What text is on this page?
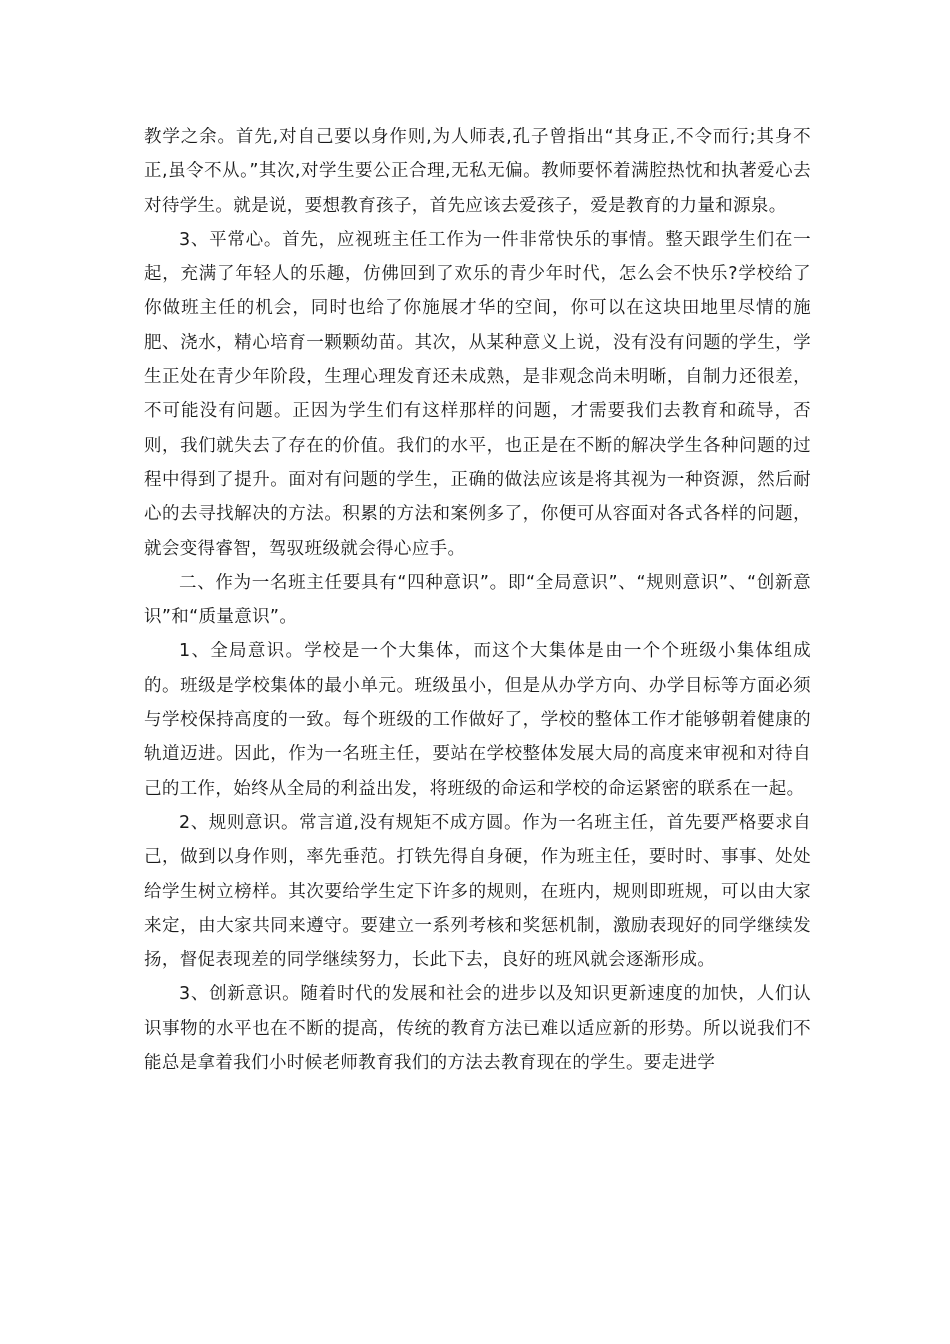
教学之余。首先,对自己要以身作则,为人师表,孔子曾指出“其身正,不令而行;其身不正,虽令不从。”其次,对学生要公正合理,无私无偏。教师要怀着满腔热忱和执著爱心去对待学生。就是说，要想教育孩子，首先应该去爱孩子，爱是教育的力量和源泉。

3、平常心。首先，应视班主任工作为一件非常快乐的事情。整天跟学生们在一起，充满了年轻人的乐趣，仿佛回到了欢乐的青少年时代，怎么会不快乐?学校给了你做班主任的机会，同时也给了你施展才华的空间，你可以在这块田地里尽情的施肥、浇水，精心培育一颗颗幼苗。其次，从某种意义上说，没有没有问题的学生，学生正处在青少年阶段，生理心理发育还未成熟，是非观念尚未明晰，自制力还很差，不可能没有问题。正因为学生们有这样那样的问题，才需要我们去教育和疏导，否则，我们就失去了存在的价值。我们的水平，也正是在不断的解决学生各种问题的过程中得到了提升。面对有问题的学生，正确的做法应该是将其视为一种资源，然后耐心的去寻找解决的方法。积累的方法和案例多了，你便可从容面对各式各样的问题，就会变得睿智，驾驭班级就会得心应手。

二、作为一名班主任要具有“四种意识”。即“全局意识”、“规则意识”、“创新意识”和“质量意识”。

1、全局意识。学校是一个大集体，而这个大集体是由一个个班级小集体组成的。班级是学校集体的最小单元。班级虽小，但是从办学方向、办学目标等方面必须与学校保持高度的一致。每个班级的工作做好了，学校的整体工作才能够朝着健康的轨道迈进。因此，作为一名班主任，要站在学校整体发展大局的高度来审视和对待自己的工作，始终从全局的利益出发，将班级的命运和学校的命运紧密的联系在一起。

2、规则意识。常言道,没有规矩不成方圆。作为一名班主任，首先要严格要求自己，做到以身作则，率先垂范。打铁先得自身硬，作为班主任，要时时、事事、处处给学生树立榜样。其次要给学生定下许多的规则，在班内，规则即班规，可以由大家来定，由大家共同来遵守。要建立一系列考核和奖惩机制，激励表现好的同学继续发扬，督促表现差的同学继续努力，长此下去，良好的班风就会逐渐形成。

3、创新意识。随着时代的发展和社会的进步以及知识更新速度的加快，人们认识事物的水平也在不断的提高，传统的教育方法已难以适应新的形势。所以说我们不能总是拿着我们小时候老师教育我们的方法去教育现在的学生。要走进学
